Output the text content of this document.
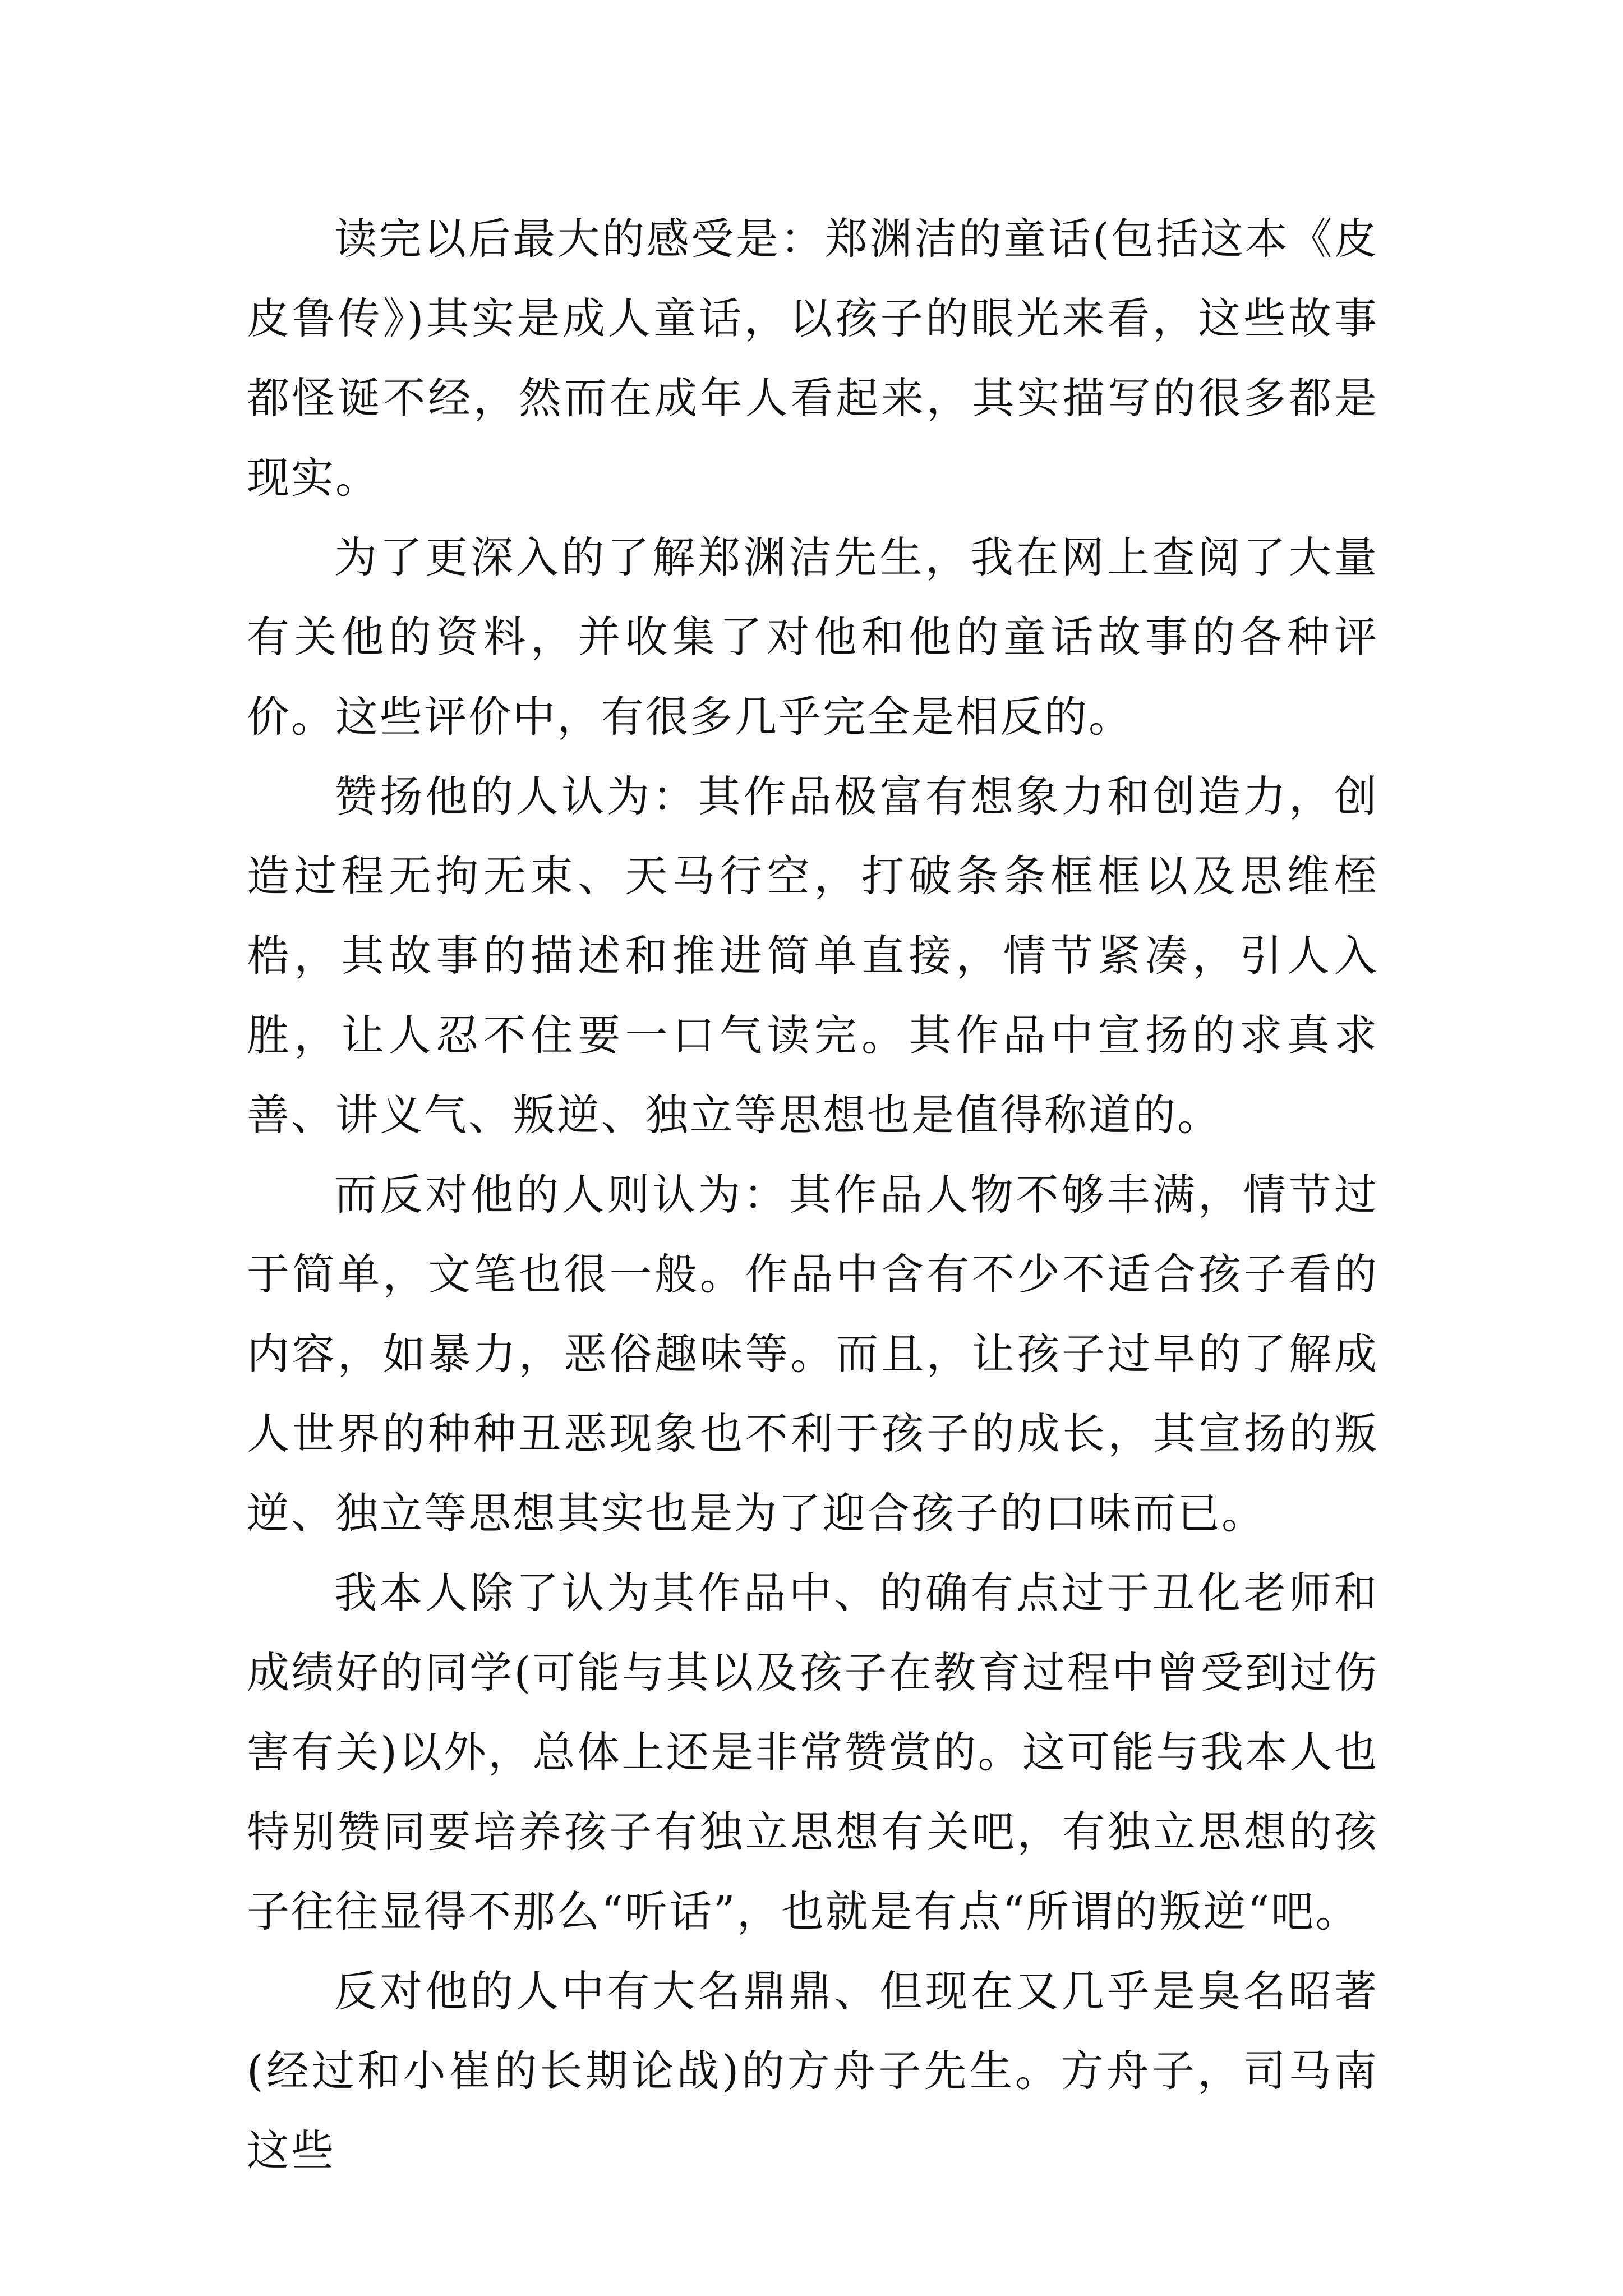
读完以后最大的感受是：郑渊洁的童话(包括这本《皮皮鲁传》)其实是成人童话，以孩子的眼光来看，这些故事都怪诞不经，然而在成年人看起来，其实描写的很多都是现实。

为了更深入的了解郑渊洁先生，我在网上查阅了大量有关他的资料，并收集了对他和他的童话故事的各种评价。这些评价中，有很多几乎完全是相反的。

赞扬他的人认为：其作品极富有想象力和创造力，创造过程无拘无束、天马行空，打破条条框框以及思维桎梏，其故事的描述和推进简单直接，情节紧凑，引人入胜，让人忍不住要一口气读完。其作品中宣扬的求真求善、讲义气、叛逆、独立等思想也是值得称道的。

而反对他的人则认为：其作品人物不够丰满，情节过于简单，文笔也很一般。作品中含有不少不适合孩子看的内容，如暴力，恶俗趣味等。而且，让孩子过早的了解成人世界的种种丑恶现象也不利于孩子的成长，其宣扬的叛逆、独立等思想其实也是为了迎合孩子的口味而已。

我本人除了认为其作品中、的确有点过于丑化老师和成绩好的同学(可能与其以及孩子在教育过程中曾受到过伤害有关)以外，总体上还是非常赞赏的。这可能与我本人也特别赞同要培养孩子有独立思想有关吧，有独立思想的孩子往往显得不那么“听话”，也就是有点“所谓的叛逆“吧。

反对他的人中有大名鼎鼎、但现在又几乎是臭名昭著(经过和小崔的长期论战)的方舟子先生。方舟子，司马南这些
